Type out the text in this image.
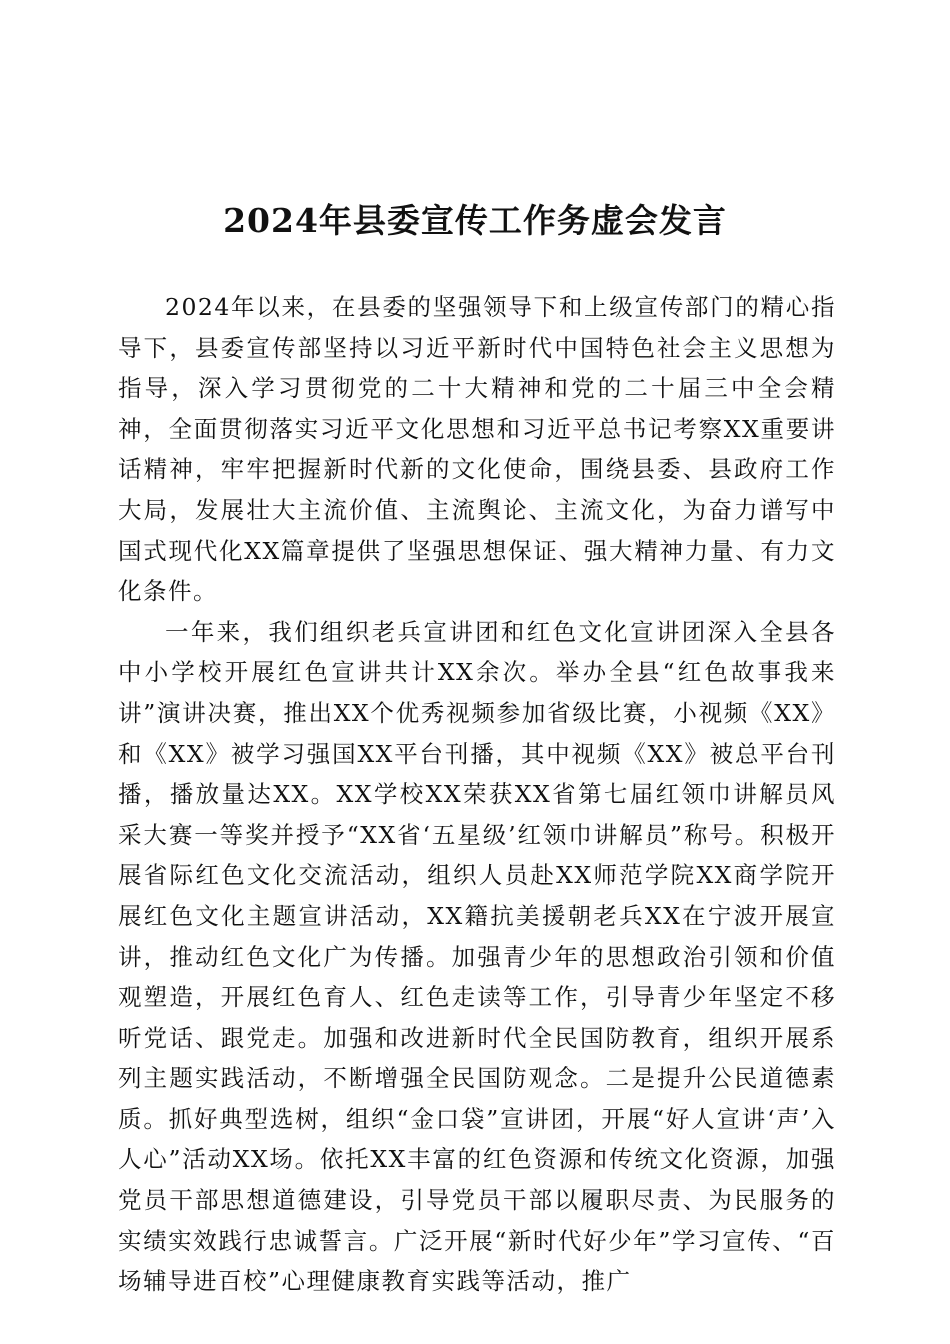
2024年县委宣传工作务虚会发言

2024年以来，在县委的坚强领导下和上级宣传部门的精心指导下，县委宣传部坚持以习近平新时代中国特色社会主义思想为指导，深入学习贯彻党的二十大精神和党的二十届三中全会精神，全面贯彻落实习近平文化思想和习近平总书记考察XX重要讲话精神，牢牢把握新时代新的文化使命，围绕县委、县政府工作大局，发展壮大主流价值、主流舆论、主流文化，为奋力谱写中国式现代化XX篇章提供了坚强思想保证、强大精神力量、有力文化条件。

一年来，我们组织老兵宣讲团和红色文化宣讲团深入全县各中小学校开展红色宣讲共计XX余次。举办全县“红色故事我来讲”演讲决赛，推出XX个优秀视频参加省级比赛，小视频《XX》和《XX》被学习强国XX平台刊播，其中视频《XX》被总平台刊播，播放量达XX。XX学校XX荣获XX省第七届红领巾讲解员风采大赛一等奖并授予“XX省‘五星级’红领巾讲解员”称号。积极开展省际红色文化交流活动，组织人员赴XX师范学院XX商学院开展红色文化主题宣讲活动，XX籍抗美援朝老兵XX在宁波开展宣讲，推动红色文化广为传播。加强青少年的思想政治引领和价值观塑造，开展红色育人、红色走读等工作，引导青少年坚定不移听党话、跟党走。加强和改进新时代全民国防教育，组织开展系列主题实践活动，不断增强全民国防观念。二是提升公民道德素质。抓好典型选树，组织“金口袋”宣讲团，开展“好人宣讲‘声’入人心”活动XX场。依托XX丰富的红色资源和传统文化资源，加强党员干部思想道德建设，引导党员干部以履职尽责、为民服务的实绩实效践行忠诚誓言。广泛开展“新时代好少年”学习宣传、“百场辅导进百校”心理健康教育实践等活动，推广
